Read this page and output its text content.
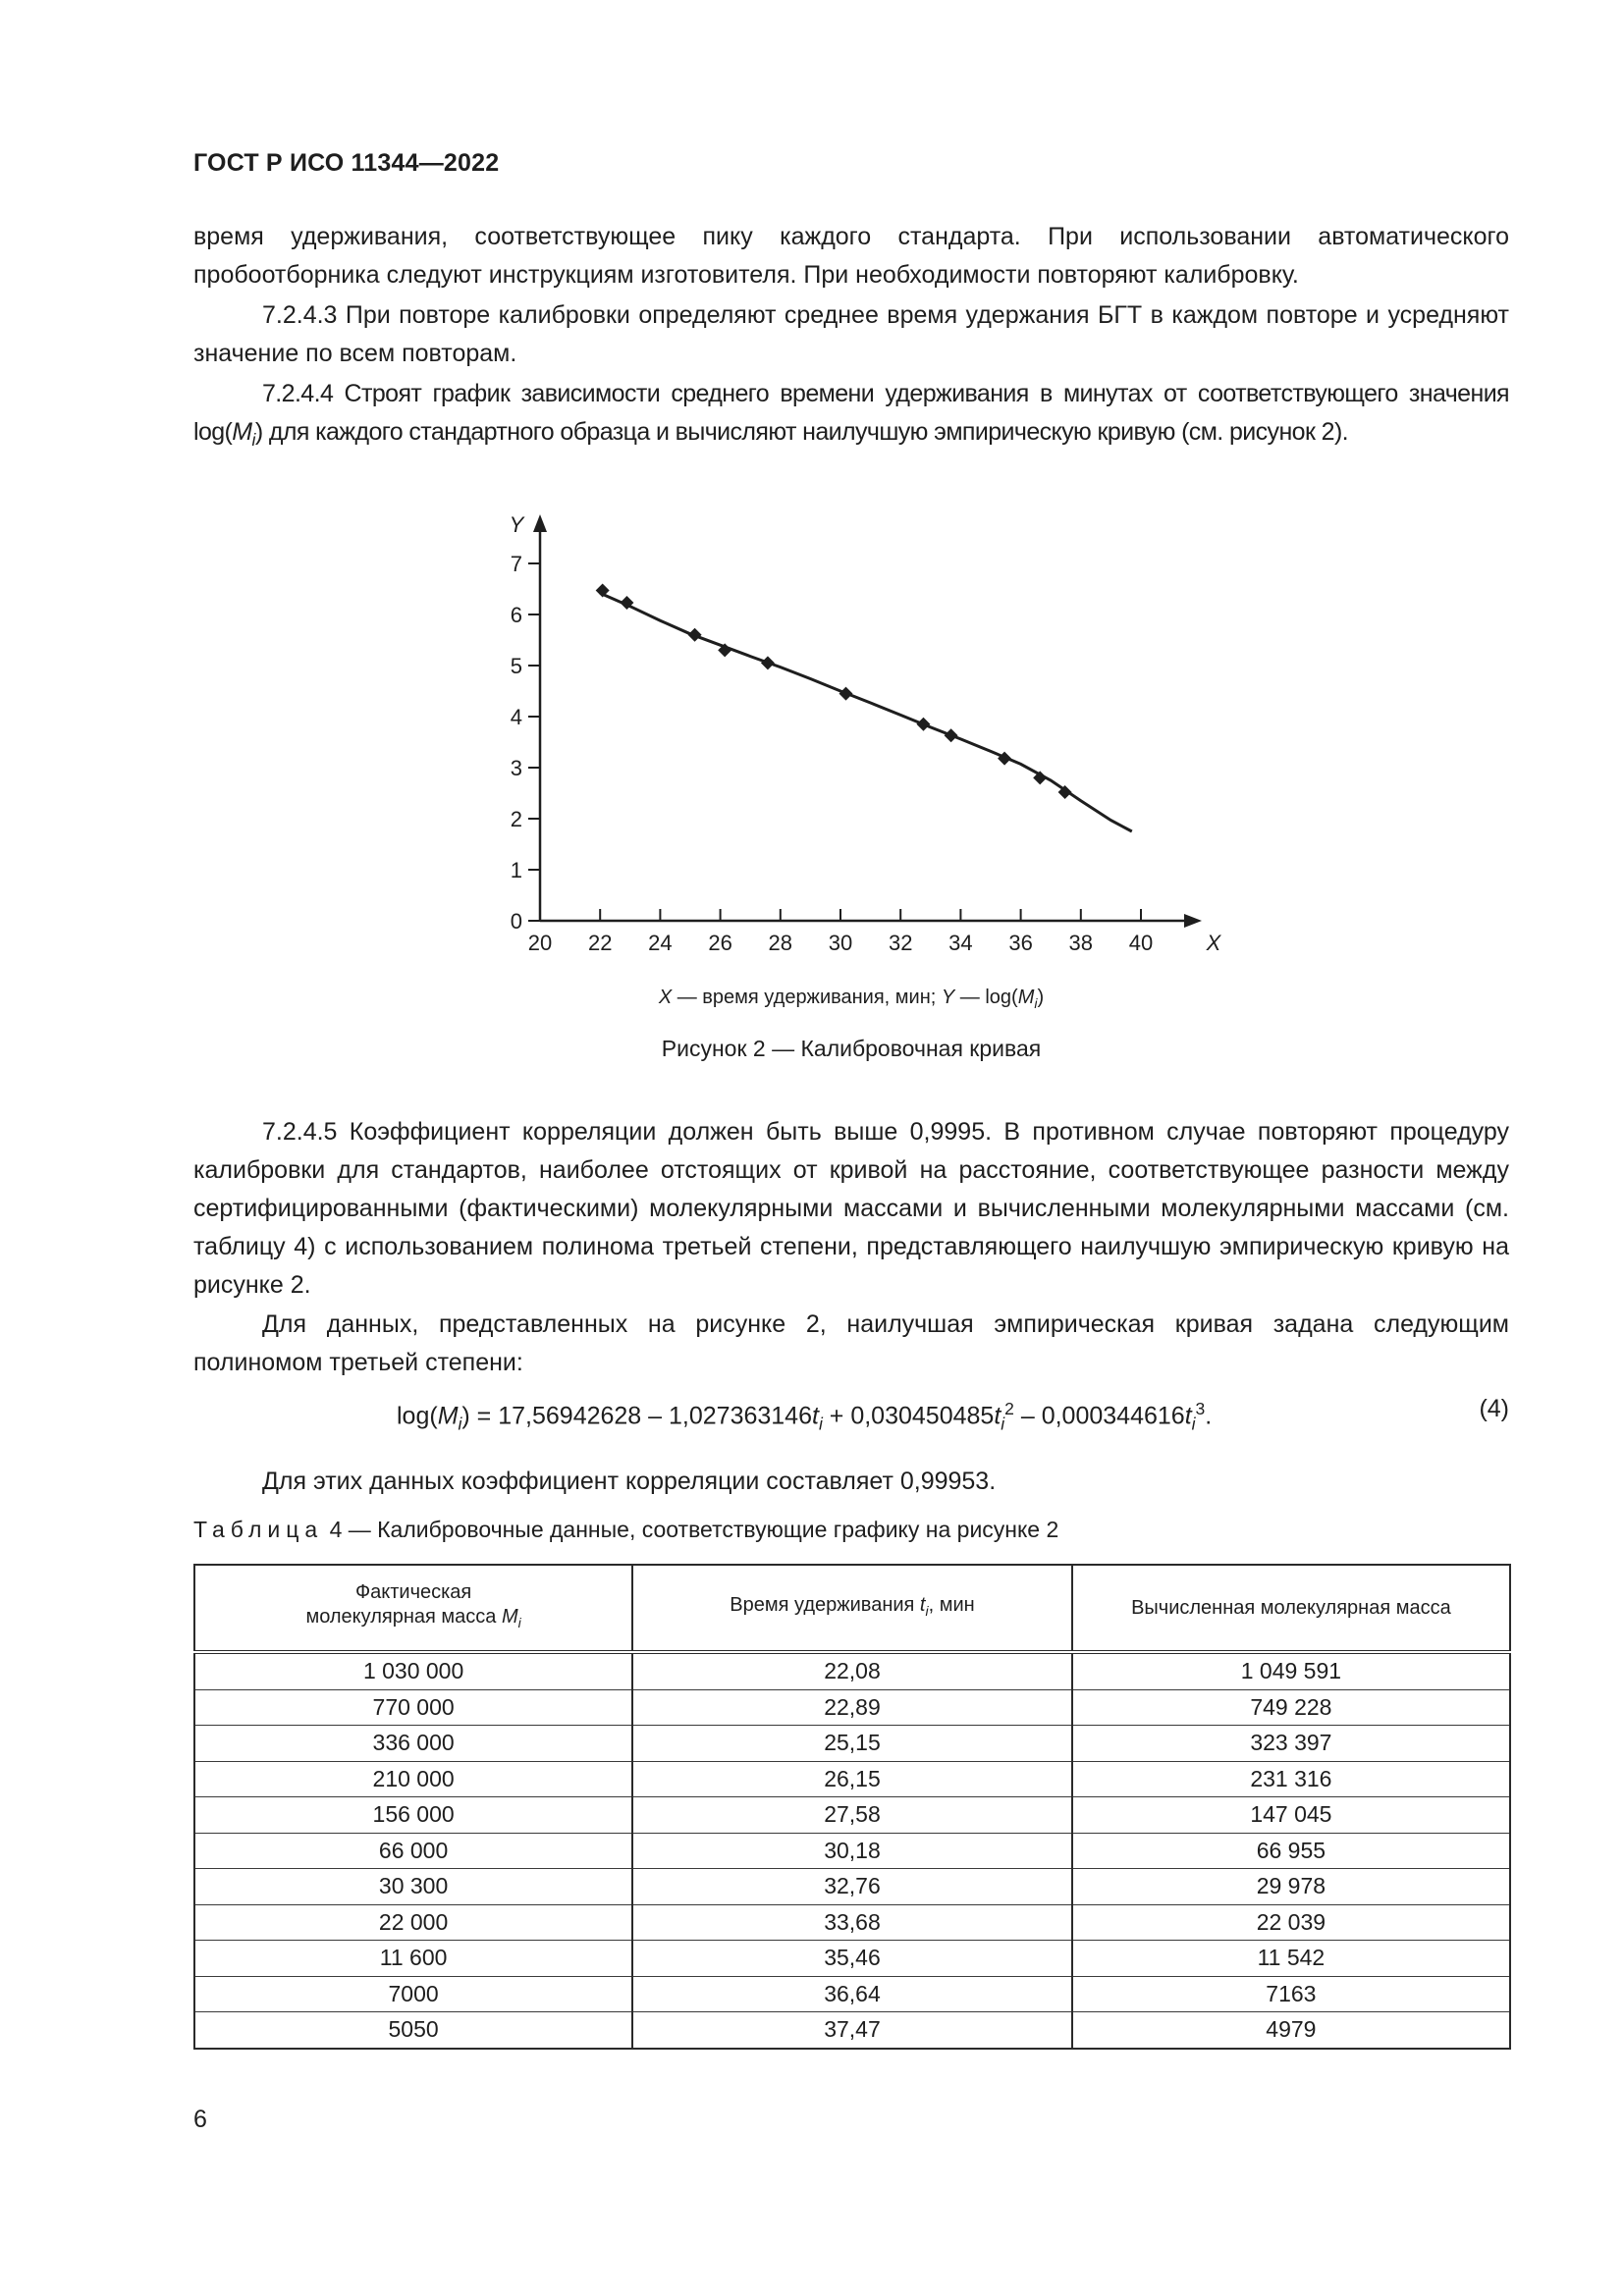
ГОСТ Р ИСО 11344—2022

время удерживания, соответствующее пику каждого стандарта. При использовании автоматического пробоотборника следуют инструкциям изготовителя. При необходимости повторяют калибровку.

7.2.4.3 При повторе калибровки определяют среднее время удержания БГТ в каждом повторе и усредняют значение по всем повторам.

7.2.4.4 Строят график зависимости среднего времени удерживания в минутах от соответствующего значения $\log(M_i)$ для каждого стандартного образца и вычисляют наилучшую эмпирическую кривую (см. рисунок 2).

20 22 24 26 28 30 32 34 36 38 40
0
1
2
3
4
5
6
7
X
Y
X — время удерживания, мин; Y — $\log(M_i)$
Рисунок 2 — Калибровочная кривая

7.2.4.5 Коэффициент корреляции должен быть выше 0,9995. В противном случае повторяют процедуру калибровки для стандартов, наиболее отстоящих от кривой на расстояние, соответствующее разности между сертифицированными (фактическими) молекулярными массами и вычисленными молекулярными массами (см. таблицу 4) с использованием полинома третьей степени, представляющего наилучшую эмпирическую кривую на рисунке 2.

Для данных, представленных на рисунке 2, наилучшая эмпирическая кривая задана следующим полиномом третьей степени:

$\log(M_i) = 17,56942628 - 1,027363146t_i + 0,030450485t_i^2 - 0,000344616t_i^3$.	(4)

Для этих данных коэффициент корреляции составляет 0,99953.

Таблица 4 — Калибровочные данные, соответствующие графику на рисунке 2
Фактическая
молекулярная масса $M_i$	Время удерживания $t_i$, мин	Вычисленная молекулярная масса
1 030 000	22,08	1 049 591
770 000	22,89	749 228
336 000	25,15	323 397
210 000	26,15	231 316
156 000	27,58	147 045
66 000	30,18	66 955
30 300	32,76	29 978
22 000	33,68	22 039
11 600	35,46	11 542
7000	36,64	7163
5050	37,47	4979
6
